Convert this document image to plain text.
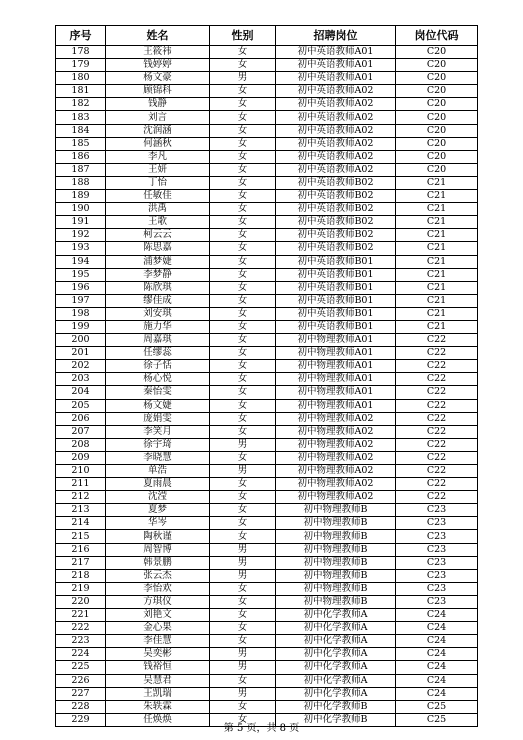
序号	姓名	性别	招聘岗位	岗位代码
178	王筱祎	女	初中英语教师A01	C20
179	钱婷婷	女	初中英语教师A01	C20
180	杨文豪	男	初中英语教师A01	C20
181	顾锦科	女	初中英语教师A02	C20
182	钱静	女	初中英语教师A02	C20
183	刘言	女	初中英语教师A02	C20
184	沈润涵	女	初中英语教师A02	C20
185	何涵秋	女	初中英语教师A02	C20
186	李凡	女	初中英语教师A02	C20
187	王妍	女	初中英语教师A02	C20
188	丁怡	女	初中英语教师B02	C21
189	任敏佳	女	初中英语教师B02	C21
190	洪禹	女	初中英语教师B02	C21
191	王歌	女	初中英语教师B02	C21
192	柯云云	女	初中英语教师B02	C21
193	陈思嘉	女	初中英语教师B02	C21
194	浦梦婕	女	初中英语教师B01	C21
195	李梦静	女	初中英语教师B01	C21
196	陈欣琪	女	初中英语教师B01	C21
197	缪佳成	女	初中英语教师B01	C21
198	刘安琪	女	初中英语教师B01	C21
199	施力华	女	初中英语教师B01	C21
200	周嘉琪	女	初中物理教师A01	C22
201	任缪蕊	女	初中物理教师A01	C22
202	徐子恬	女	初中物理教师A01	C22
203	杨心悦	女	初中物理教师A01	C22
204	秦怡雯	女	初中物理教师A01	C22
205	杨文婕	女	初中物理教师A01	C22
206	庞娟雯	女	初中物理教师A02	C22
207	李笑月	女	初中物理教师A02	C22
208	徐宇琦	男	初中物理教师A02	C22
209	李晓慧	女	初中物理教师A02	C22
210	单浩	男	初中物理教师A02	C22
211	夏雨晨	女	初中物理教师A02	C22
212	沈滢	女	初中物理教师A02	C22
213	夏梦	女	初中物理教师B	C23
214	华岑	女	初中物理教师B	C23
215	陶秋谨	女	初中物理教师B	C23
216	周智博	男	初中物理教师B	C23
217	韩景鹏	男	初中物理教师B	C23
218	张云杰	男	初中物理教师B	C23
219	李怡欢	女	初中物理教师B	C23
220	方琪仪	女	初中物理教师B	C23
221	刘艳文	女	初中化学教师A	C24
222	金心果	女	初中化学教师A	C24
223	李佳慧	女	初中化学教师A	C24
224	吴奕彬	男	初中化学教师A	C24
225	钱裕恒	男	初中化学教师A	C24
226	吴慧君	女	初中化学教师A	C24
227	王凯瑞	男	初中化学教师A	C24
228	朱轶霖	女	初中化学教师B	C25
229	任焕焕	女	初中化学教师B	C25
第 5 页，共 8 页
